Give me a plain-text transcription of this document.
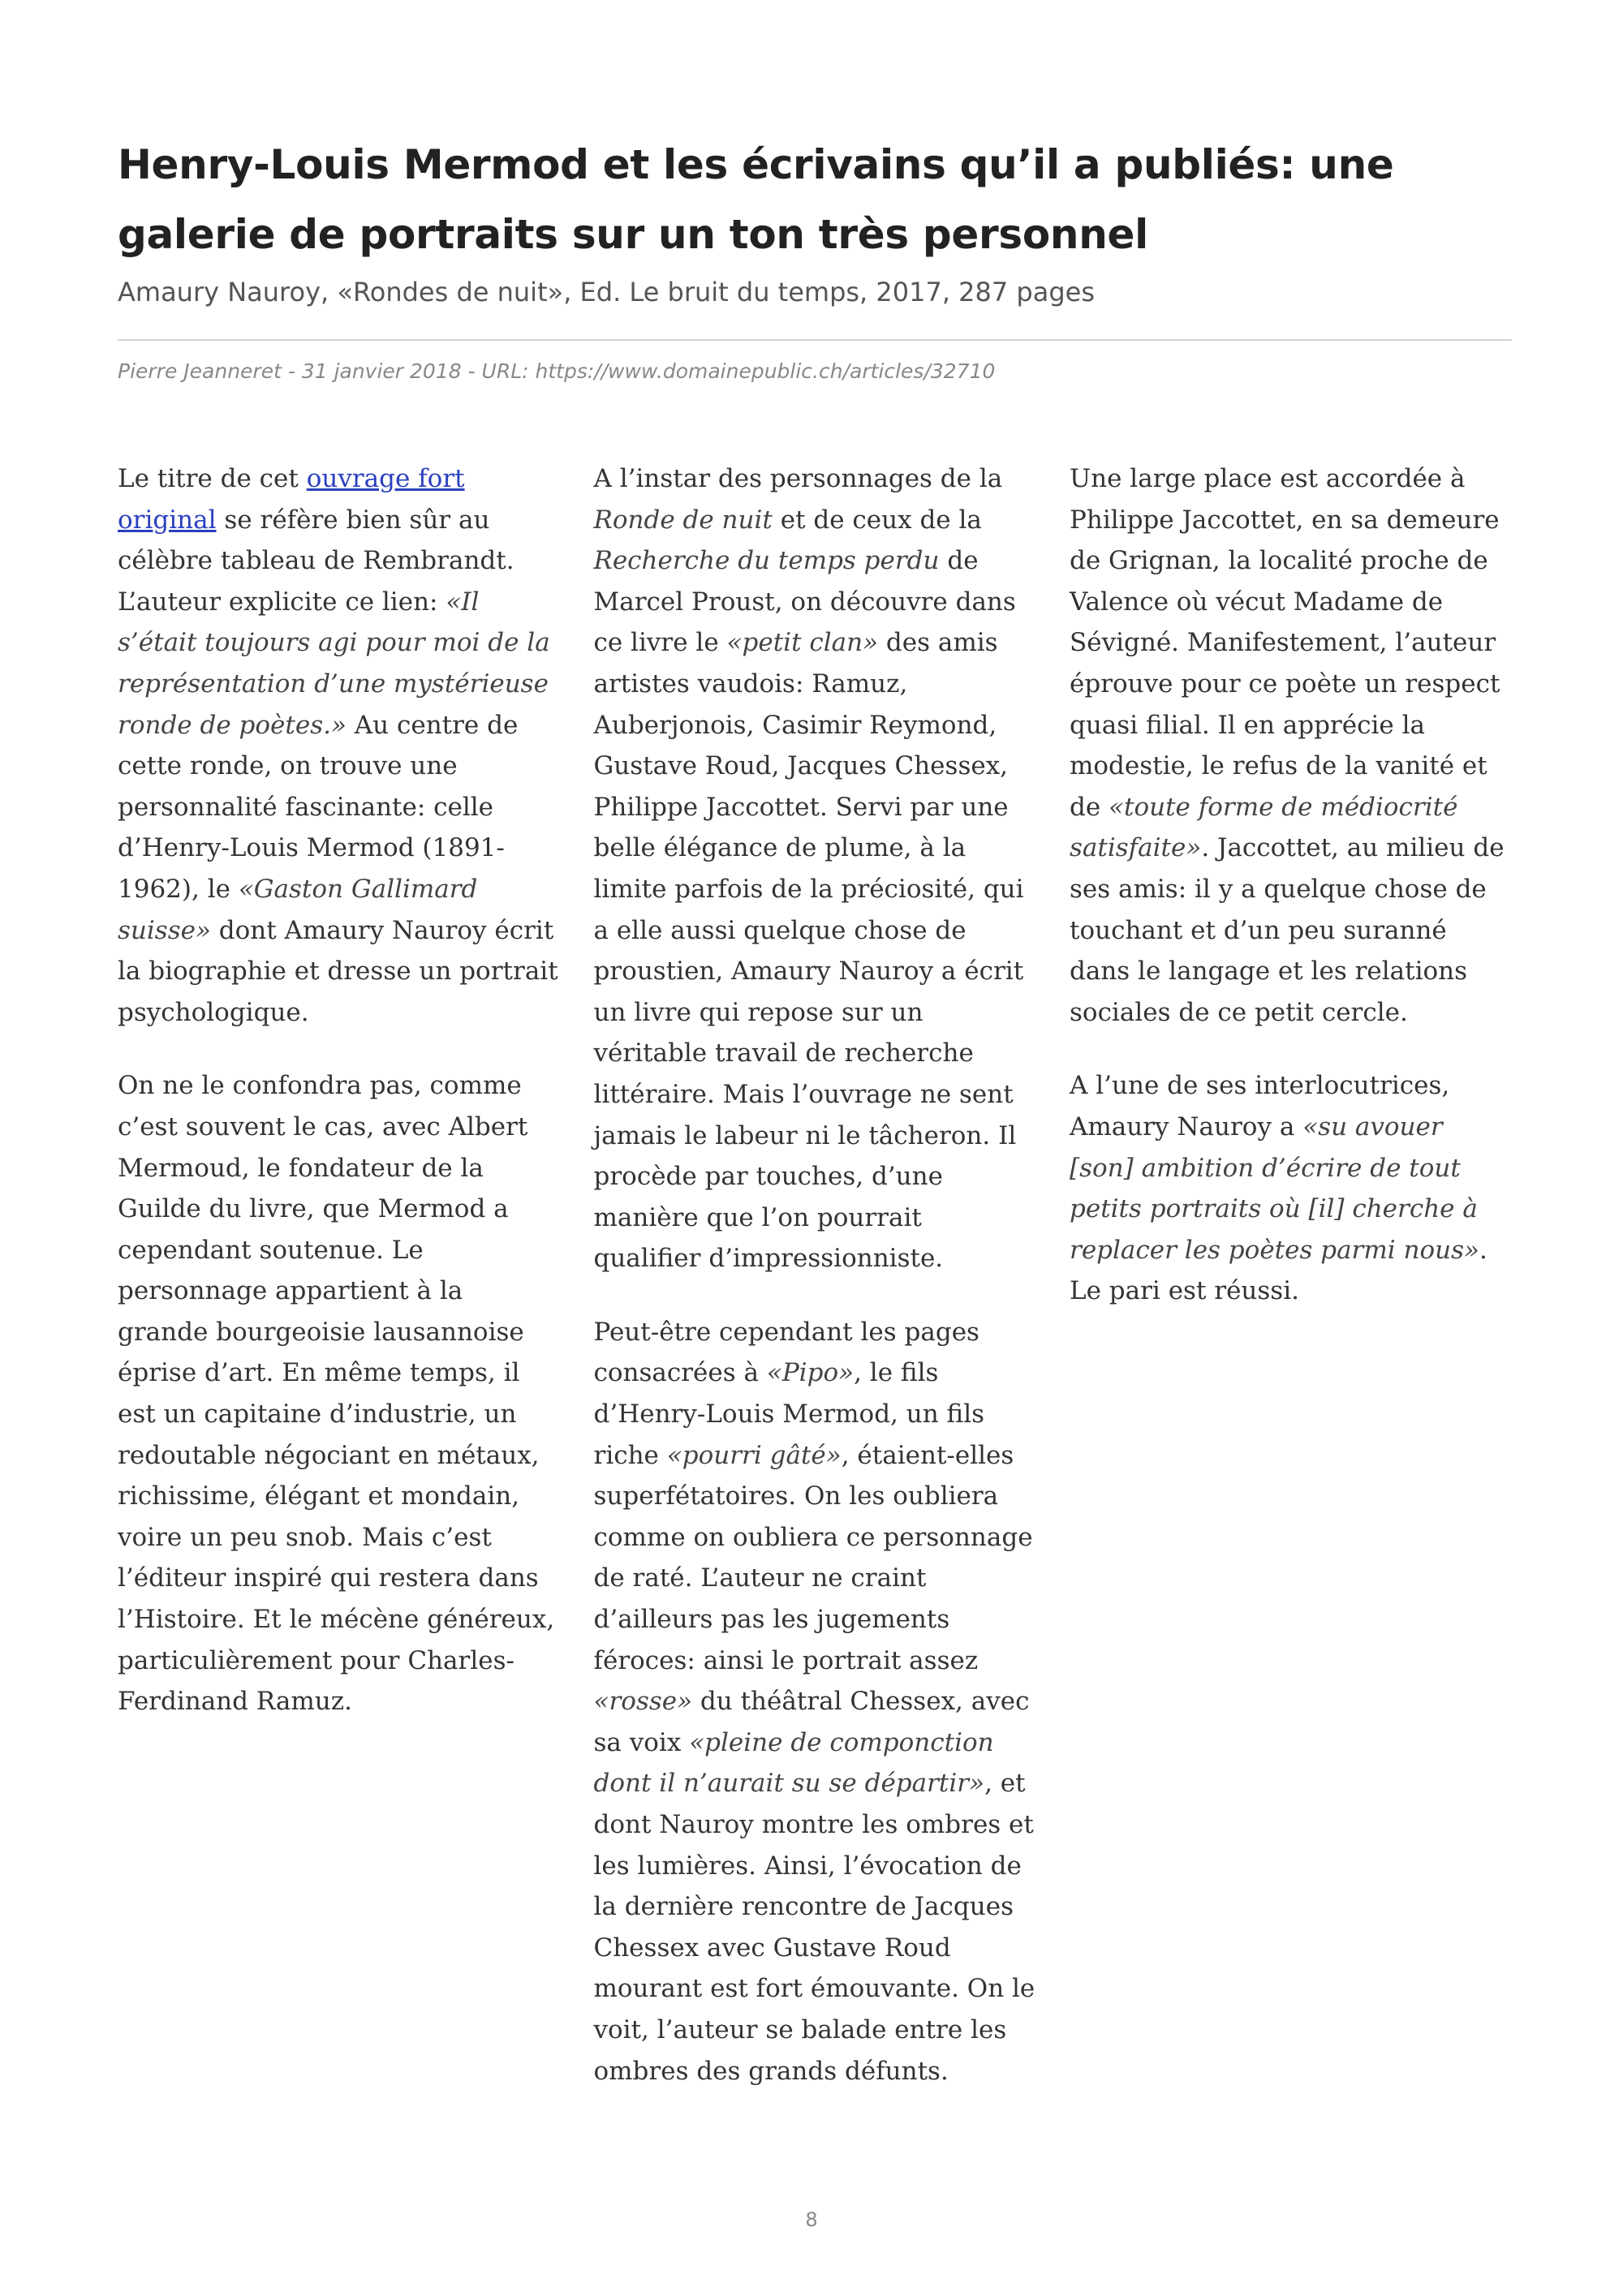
Henry-Louis Mermod et les écrivains qu’il a publiés: une galerie de portraits sur un ton très personnel
Amaury Nauroy, «Rondes de nuit», Ed. Le bruit du temps, 2017, 287 pages
Pierre Jeanneret - 31 janvier 2018 - URL: https://www.domainepublic.ch/articles/32710

Le titre de cet ouvrage fort original se réfère bien sûr au célèbre tableau de Rembrandt. L’auteur explicite ce lien: «Il s’était toujours agi pour moi de la représentation d’une mystérieuse ronde de poètes.» Au centre de cette ronde, on trouve une personnalité fascinante: celle d’Henry-Louis Mermod (1891-1962), le «Gaston Gallimard suisse» dont Amaury Nauroy écrit la biographie et dresse un portrait psychologique.

On ne le confondra pas, comme c’est souvent le cas, avec Albert Mermoud, le fondateur de la Guilde du livre, que Mermod a cependant soutenue. Le personnage appartient à la grande bourgeoisie lausannoise éprise d’art. En même temps, il est un capitaine d’industrie, un redoutable négociant en métaux, richissime, élégant et mondain, voire un peu snob. Mais c’est l’éditeur inspiré qui restera dans l’Histoire. Et le mécène généreux, particulièrement pour Charles-Ferdinand Ramuz.

A l’instar des personnages de la Ronde de nuit et de ceux de la Recherche du temps perdu de Marcel Proust, on découvre dans ce livre le «petit clan» des amis artistes vaudois: Ramuz, Auberjonois, Casimir Reymond, Gustave Roud, Jacques Chessex, Philippe Jaccottet. Servi par une belle élégance de plume, à la limite parfois de la préciosité, qui a elle aussi quelque chose de proustien, Amaury Nauroy a écrit un livre qui repose sur un véritable travail de recherche littéraire. Mais l’ouvrage ne sent jamais le labeur ni le tâcheron. Il procède par touches, d’une manière que l’on pourrait qualifier d’impressionniste.

Peut-être cependant les pages consacrées à «Pipo», le fils d’Henry-Louis Mermod, un fils riche «pourri gâté», étaient-elles superfétatoires. On les oubliera comme on oubliera ce personnage de raté. L’auteur ne craint d’ailleurs pas les jugements féroces: ainsi le portrait assez «rosse» du théâtral Chessex, avec sa voix «pleine de componction dont il n’aurait su se départir», et dont Nauroy montre les ombres et les lumières. Ainsi, l’évocation de la dernière rencontre de Jacques Chessex avec Gustave Roud mourant est fort émouvante. On le voit, l’auteur se balade entre les ombres des grands défunts.

Une large place est accordée à Philippe Jaccottet, en sa demeure de Grignan, la localité proche de Valence où vécut Madame de Sévigné. Manifestement, l’auteur éprouve pour ce poète un respect quasi filial. Il en apprécie la modestie, le refus de la vanité et de «toute forme de médiocrité satisfaite». Jaccottet, au milieu de ses amis: il y a quelque chose de touchant et d’un peu suranné dans le langage et les relations sociales de ce petit cercle.

A l’une de ses interlocutrices, Amaury Nauroy a «su avouer [son] ambition d’écrire de tout petits portraits où [il] cherche à replacer les poètes parmi nous». Le pari est réussi.

8
